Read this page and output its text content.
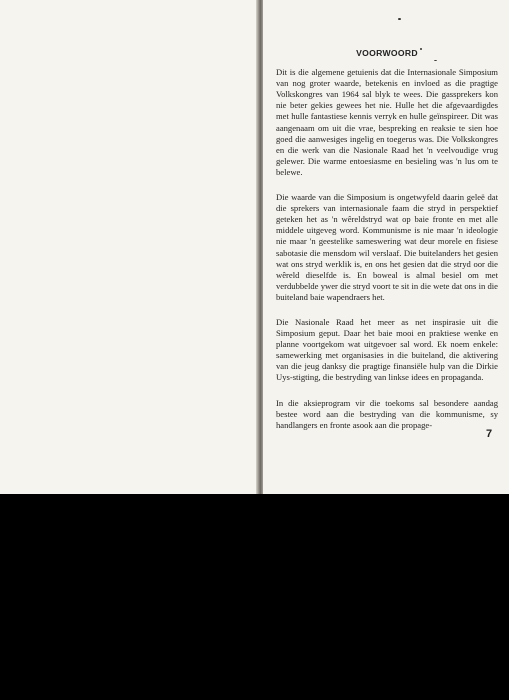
VOORWOORD

Dit is die algemene getuienis dat die Internasionale Simposium van nog groter waarde, betekenis en invloed as die pragtige Volkskongres van 1964 sal blyk te wees. Die gassprekers kon nie beter gekies gewees het nie. Hulle het die afgevaardigdes met hulle fantastiese kennis verryk en hulle geïnspireer. Dit was aangenaam om uit die vrae, bespreking en reaksie te sien hoe goed die aanwesiges ingelig en toegerus was. Die Volkskongres en die werk van die Nasionale Raad het 'n veelvoudige vrug gelewer. Die warme entoesiasme en besieling was 'n lus om te belewe.

Die waarde van die Simposium is ongetwyfeld daarin geleë dat die sprekers van internasionale faam die stryd in perspektief geteken het as 'n wêreldstryd wat op baie fronte en met alle middele uitgeveg word. Kommunisme is nie maar 'n ideologie nie maar 'n geestelike sameswering wat deur morele en fisiese sabotasie die mensdom wil verslaaf. Die buitelanders het gesien wat ons stryd werklik is, en ons het gesien dat die stryd oor die wêreld dieselfde is. En boweal is almal besiel om met verdubbelde ywer die stryd voort te sit in die wete dat ons in die buiteland baie wapendraers het.

Die Nasionale Raad het meer as net inspirasie uit die Simposium geput. Daar het baie mooi en praktiese wenke en planne voortgekom wat uitgevoer sal word. Ek noem enkele: samewerking met organisasies in die buiteland, die aktivering van die jeug danksy die pragtige finansiële hulp van die Dirkie Uys-stigting, die bestryding van linkse idees en propaganda.

In die aksieprogram vir die toekoms sal besondere aandag bestee word aan die bestryding van die kommunisme, sy handlangers en fronte asook aan die propage-

7
